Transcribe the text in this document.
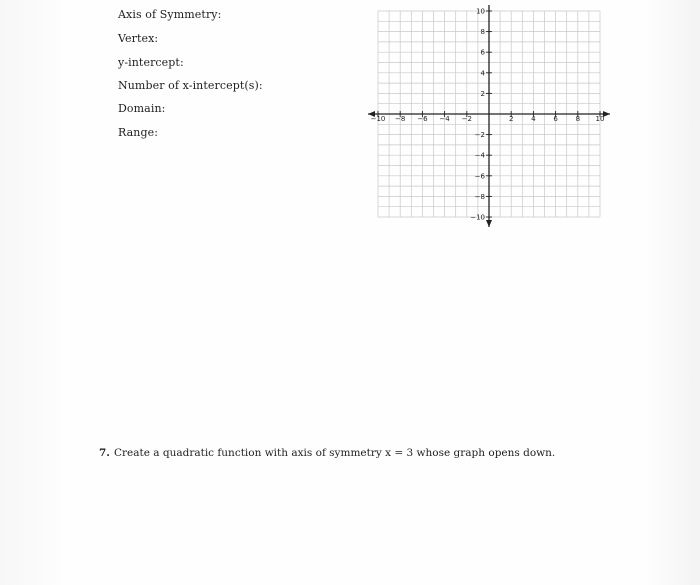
Axis of Symmetry:
Vertex:
y-intercept:
Number of x-intercept(s):
Domain:
Range:
−10 −8 −6 −4 −2	2	4	6	8 10
10
8
6
4
2
−2
−4
−6
−8
−10
7. Create a quadratic function with axis of symmetry x = 3 whose graph opens down.
